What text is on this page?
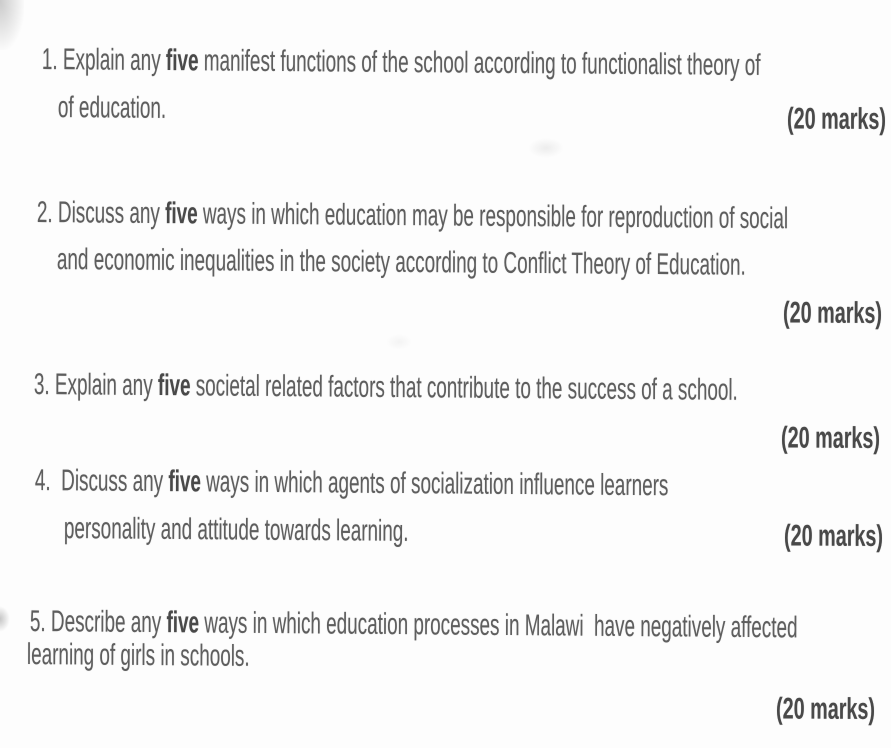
1. Explain any five manifest functions of the school according to functionalist theory of
of education.	(20 marks)
2. Discuss any five ways in which education may be responsible for reproduction of social
and economic inequalities in the society according to Conflict Theory of Education.
(20 marks)
3. Explain any five societal related factors that contribute to the success of a school.
(20 marks)
4.  Discuss any five ways in which agents of socialization influence learners
personality and attitude towards learning.	(20 marks)
5. Describe any five ways in which education processes in Malawi  have negatively affected
learning of girls in schools.
(20 marks)
